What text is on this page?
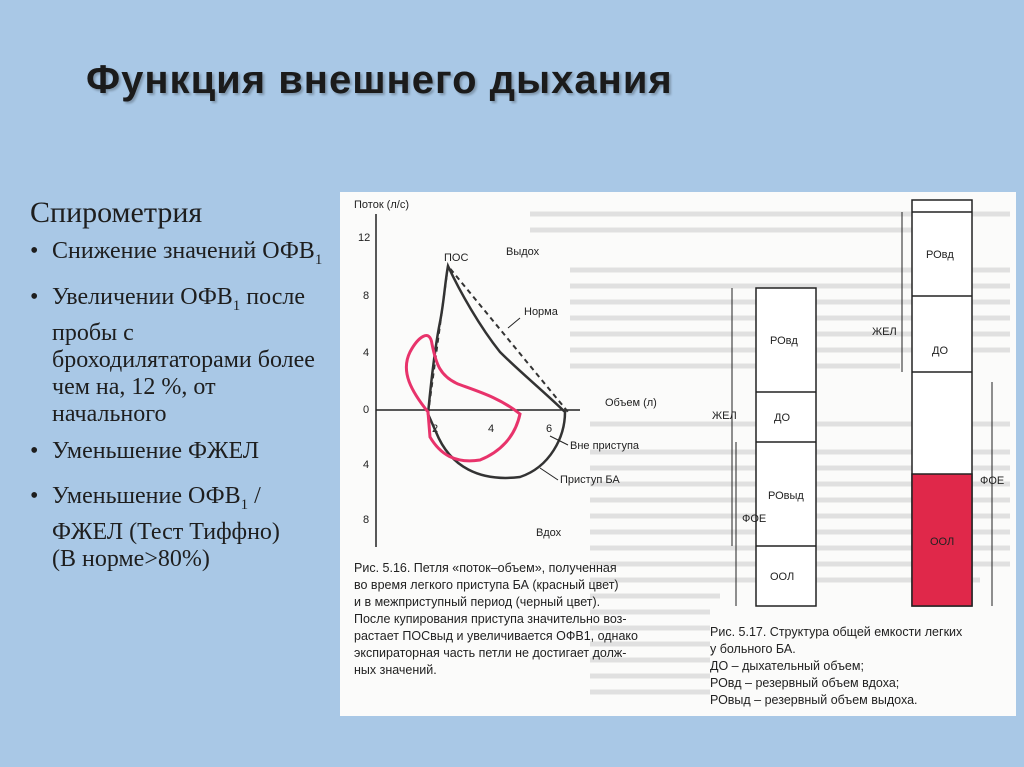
Функция внешнего дыхания
Спирометрия
• Снижение значений $ОФВ_1$
• Увеличении $ОФВ_1$ после пробы с броходилятаторами более чем на, 12 %, от начального
• Уменьшение ФЖЕЛ
• Уменьшение $ОФВ_1$ / ФЖЕЛ (Тест Тиффно)
(В норме>80%)
Поток (л/с)
12
8
4
0
4
8
2	4	6
Объем (л)
Выдох
Вдох
ПОС
Норма
Вне приступа
Приступ БА
Рис. 5.16. Петля «поток–объем», полученная
во время легкого приступа БА (красный цвет)
и в межприступный период (черный цвет).
После купирования приступа значительно воз-
растает ПОСвыд и увеличивается ОФВ1, однако
экспираторная часть петли не достигает долж-
ных значений.
РОвд
ДО
РОвыд
ООЛ
ЖЕЛ
ФОЕ
РОвд
ДО
ООЛ
ЖЕЛ
ФОЕ
Рис. 5.17. Структура общей емкости легких
у больного БА.
ДО – дыхательный объем;
РОвд – резервный объем вдоха;
РОвыд – резервный объем выдоха.
